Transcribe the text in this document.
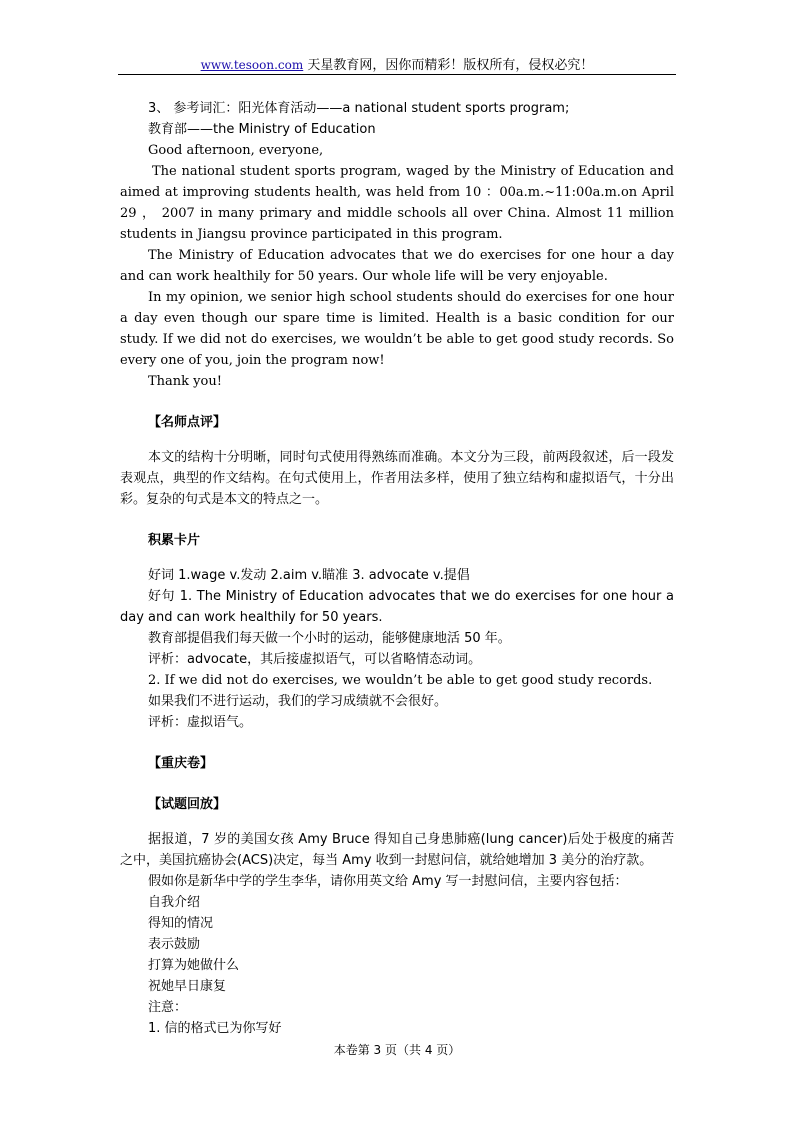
www.tesoon.com 天星教育网，因你而精彩！版权所有，侵权必究！

3、 参考词汇：阳光体育活动——a national student sports program;

教育部——the Ministry of Education

Good afternoon, everyone,

The national student sports program, waged by the Ministry of Education and aimed at improving students health, was held from 10 ：00a.m.~11:00a.m.on April 29 ， 2007 in many primary and middle schools all over China. Almost 11 million students in Jiangsu province participated in this program.

The Ministry of Education advocates that we do exercises for one hour a day and can work healthily for 50 years. Our whole life will be very enjoyable.

In my opinion, we senior high school students should do exercises for one hour a day even though our spare time is limited. Health is a basic condition for our study. If we did not do exercises, we wouldn’t be able to get good study records. So every one of you, join the program now!

Thank you!

【名师点评】

本文的结构十分明晰，同时句式使用得熟练而准确。本文分为三段，前两段叙述，后一段发表观点，典型的作文结构。在句式使用上，作者用法多样，使用了独立结构和虚拟语气，十分出彩。复杂的句式是本文的特点之一。

积累卡片

好词 1.wage v.发动 2.aim v.瞄准 3. advocate v.提倡

好句 1. The Ministry of Education advocates that we do exercises for one hour a day and can work healthily for 50 years.

教育部提倡我们每天做一个小时的运动，能够健康地活 50 年。

评析：advocate，其后接虚拟语气，可以省略情态动词。

2. If we did not do exercises, we wouldn’t be able to get good study records.

如果我们不进行运动，我们的学习成绩就不会很好。

评析：虚拟语气。

【重庆卷】

【试题回放】

据报道，7 岁的美国女孩 Amy Bruce 得知自己身患肺癌(lung cancer)后处于极度的痛苦之中，美国抗癌协会(ACS)决定，每当 Amy 收到一封慰问信，就给她增加 3 美分的治疗款。

假如你是新华中学的学生李华，请你用英文给 Amy 写一封慰问信，主要内容包括：

自我介绍

得知的情况

表示鼓励

打算为她做什么

祝她早日康复

注意：

1. 信的格式已为你写好

本卷第 3 页（共 4 页）
